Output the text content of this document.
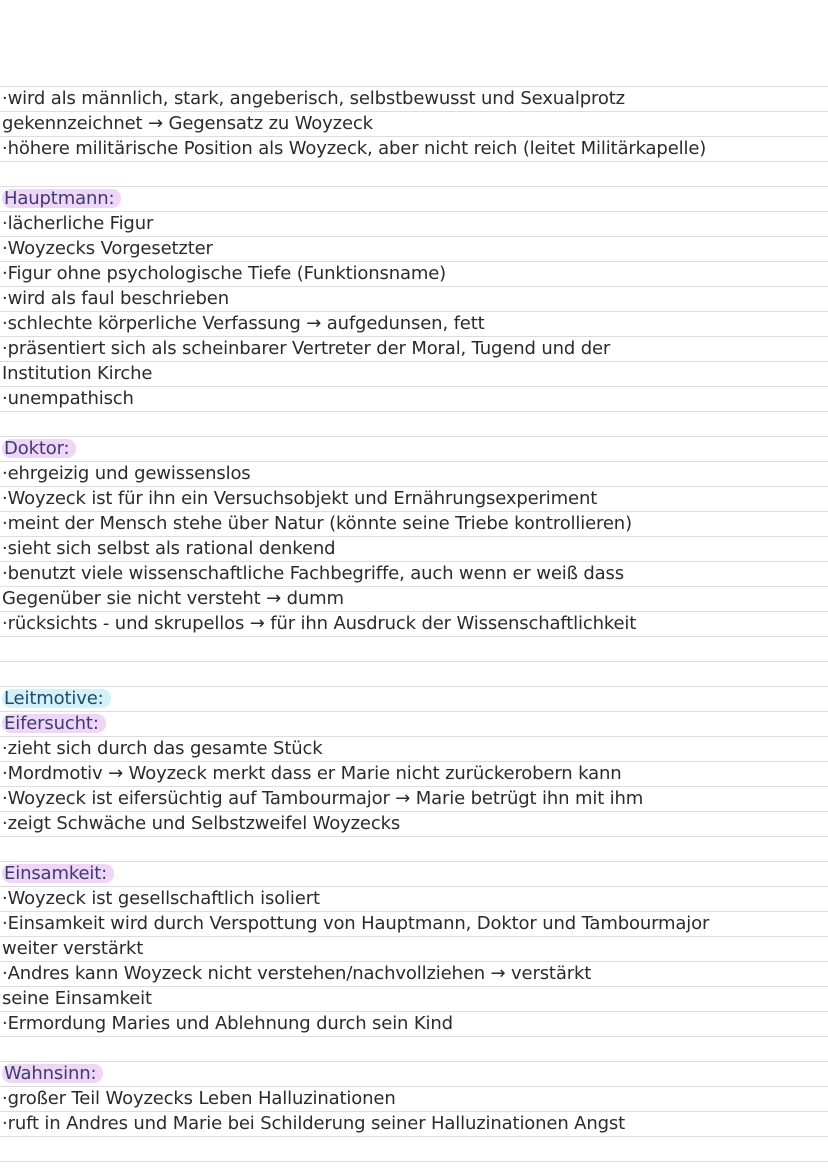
·wird als männlich, stark, angeberisch, selbstbewusst und Sexualprotz
gekennzeichnet → Gegensatz zu Woyzeck
·höhere militärische Position als Woyzeck, aber nicht reich (leitet Militärkapelle)
Hauptmann:
·lächerliche Figur
·Woyzecks Vorgesetzter
·Figur ohne psychologische Tiefe (Funktionsname)
·wird als faul beschrieben
·schlechte körperliche Verfassung → aufgedunsen, fett
·präsentiert sich als scheinbarer Vertreter der Moral, Tugend und der
Institution Kirche
·unempathisch
Doktor:
·ehrgeizig und gewissenslos
·Woyzeck ist für ihn ein Versuchsobjekt und Ernährungsexperiment
·meint der Mensch stehe über Natur (könnte seine Triebe kontrollieren)
·sieht sich selbst als rational denkend
·benutzt viele wissenschaftliche Fachbegriffe, auch wenn er weiß dass
Gegenüber sie nicht versteht → dumm
·rücksichts - und skrupellos → für ihn Ausdruck der Wissenschaftlichkeit
Leitmotive:
Eifersucht:
·zieht sich durch das gesamte Stück
·Mordmotiv → Woyzeck merkt dass er Marie nicht zurückerobern kann
·Woyzeck ist eifersüchtig auf Tambourmajor → Marie betrügt ihn mit ihm
·zeigt Schwäche und Selbstzweifel Woyzecks
Einsamkeit:
·Woyzeck ist gesellschaftlich isoliert
·Einsamkeit wird durch Verspottung von Hauptmann, Doktor und Tambourmajor
weiter verstärkt
·Andres kann Woyzeck nicht verstehen/nachvollziehen → verstärkt
seine Einsamkeit
·Ermordung Maries und Ablehnung durch sein Kind
Wahnsinn:
·großer Teil Woyzecks Leben Halluzinationen
·ruft in Andres und Marie bei Schilderung seiner Halluzinationen Angst
